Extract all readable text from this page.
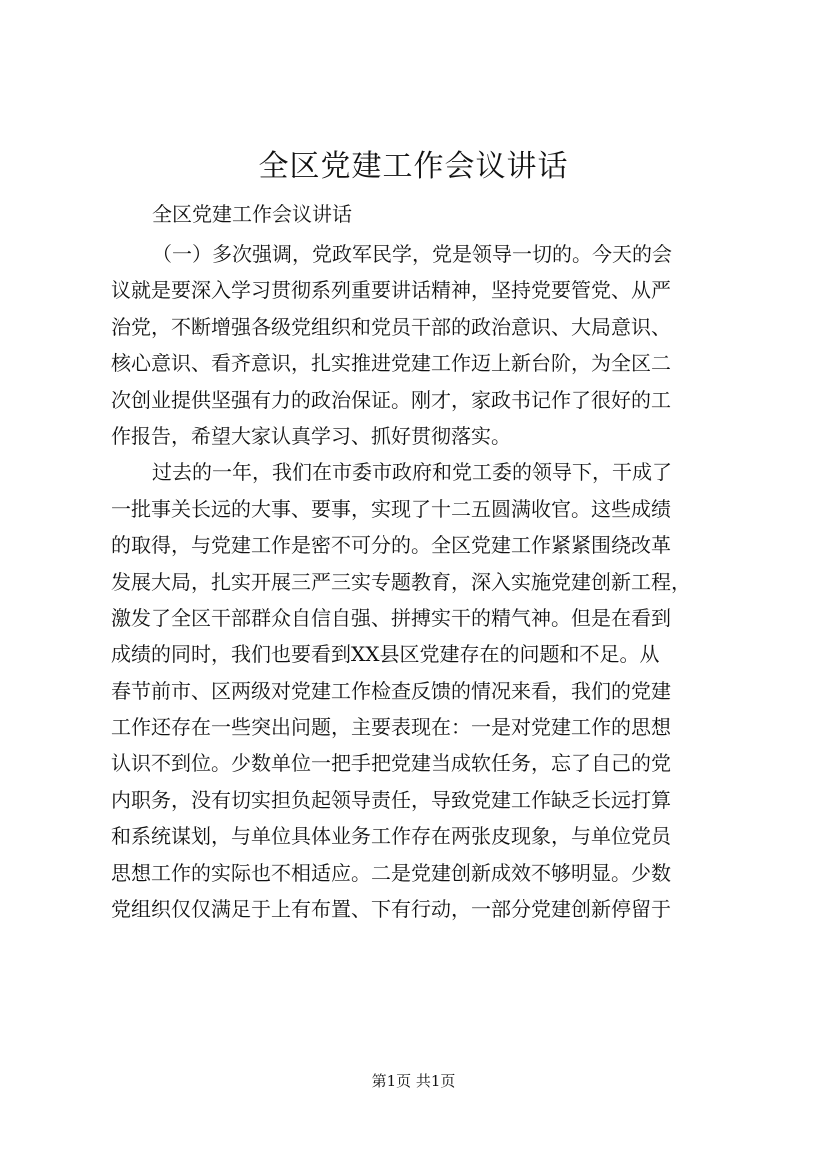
全区党建工作会议讲话
全区党建工作会议讲话
（一）多次强调，党政军民学，党是领导一切的。今天的会
议就是要深入学习贯彻系列重要讲话精神，坚持党要管党、从严
治党，不断增强各级党组织和党员干部的政治意识、大局意识、
核心意识、看齐意识，扎实推进党建工作迈上新台阶，为全区二
次创业提供坚强有力的政治保证。刚才，家政书记作了很好的工
作报告，希望大家认真学习、抓好贯彻落实。
过去的一年，我们在市委市政府和党工委的领导下，干成了
一批事关长远的大事、要事，实现了十二五圆满收官。这些成绩
的取得，与党建工作是密不可分的。全区党建工作紧紧围绕改革
发展大局，扎实开展三严三实专题教育，深入实施党建创新工程，
激发了全区干部群众自信自强、拼搏实干的精气神。但是在看到
成绩的同时，我们也要看到XX县区党建存在的问题和不足。从
春节前市、区两级对党建工作检查反馈的情况来看，我们的党建
工作还存在一些突出问题，主要表现在：一是对党建工作的思想
认识不到位。少数单位一把手把党建当成软任务，忘了自己的党
内职务，没有切实担负起领导责任，导致党建工作缺乏长远打算
和系统谋划，与单位具体业务工作存在两张皮现象，与单位党员
思想工作的实际也不相适应。二是党建创新成效不够明显。少数
党组织仅仅满足于上有布置、下有行动，一部分党建创新停留于
第1页 共1页
